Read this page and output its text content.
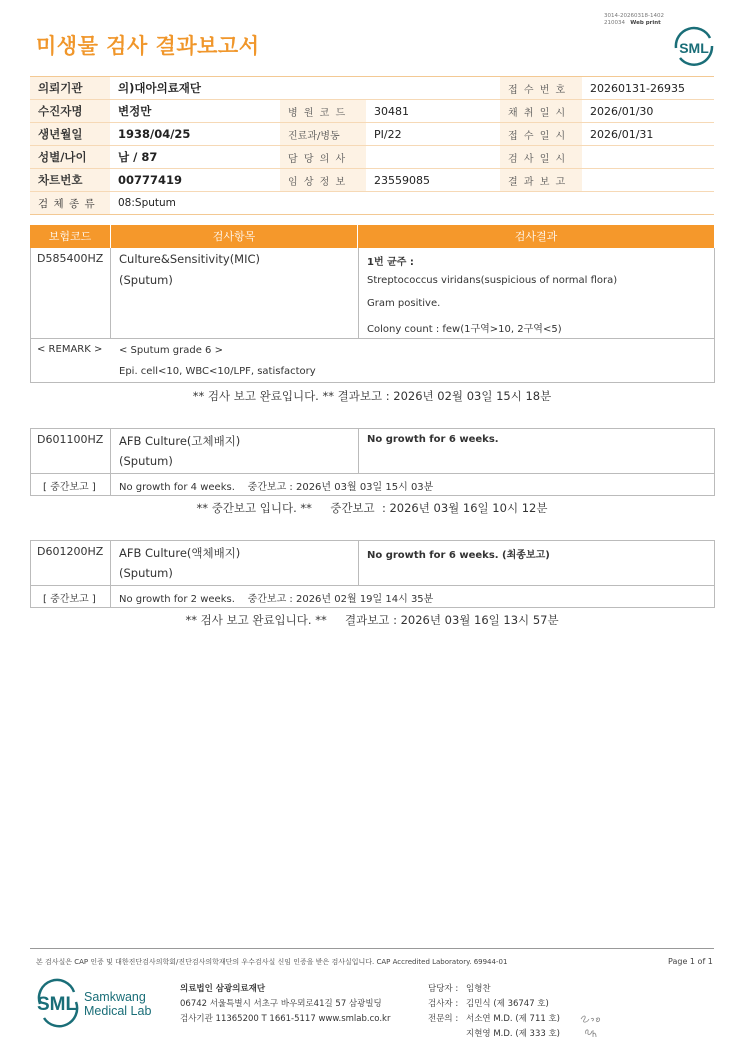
미생물 검사 결과보고서
3014-20260318-1402
210034 Web print
SML
의뢰기관	의)대아의료재단			접 수 번 호	20260131-26935
수진자명	변정만	병 원 코 드	30481	채 취 일 시	2026/01/30
생년월일	1938/04/25	진료과/병동	PI/22	접 수 일 시	2026/01/31
성별/나이	남 / 87	담 당 의 사		검 사 일 시	
차트번호	00777419	임 상 정 보	23559085	결 과 보 고	
검 체 종 류	08:Sputum				
보험코드	검사항목	검사결과
D585400HZ Culture&Sensitivity(MIC)
(Sputum)
1번 균주 :
Streptococcus viridans(suspicious of normal flora)
Gram positive.
Colony count : few(1구역>10, 2구역<5)
< REMARK > < Sputum grade 6 >
Epi. cell<10, WBC<10/LPF, satisfactory
** 검사 보고 완료입니다. ** 결과보고 : 2026년 02월 03일 15시 18분
D601100HZ AFB Culture(고체배지)
(Sputum)
No growth for 6 weeks.
[ 중간보고 ] No growth for 4 weeks.    중간보고 : 2026년 03월 03일 15시 03분
** 중간보고 입니다. **     중간보고  : 2026년 03월 16일 10시 12분
D601200HZ AFB Culture(액체배지)
(Sputum)
No growth for 6 weeks. (최종보고)
[ 중간보고 ] No growth for 2 weeks.    중간보고 : 2026년 02월 19일 14시 35분
** 검사 보고 완료입니다. **     결과보고 : 2026년 03월 16일 13시 57분
본 검사실은 CAP 인증 및 대한진단검사의학회/진단검사의학재단의 우수검사실 신임 인증을 받은 검사실입니다. CAP Accredited Laboratory. 69944-01	Page 1 of 1
SML Samkwang
Medical Lab
의료법인 삼광의료재단
06742 서울특별시 서초구 바우뫼로41길 57 삼광빌딩
검사기관 11365200 T 1661-5117 www.smlab.co.kr
담당자 : 임형찬
검사자 : 김민식 (제 36747 호)
전문의 : 서소연 M.D. (제 711 호)
지현영 M.D. (제 333 호)
